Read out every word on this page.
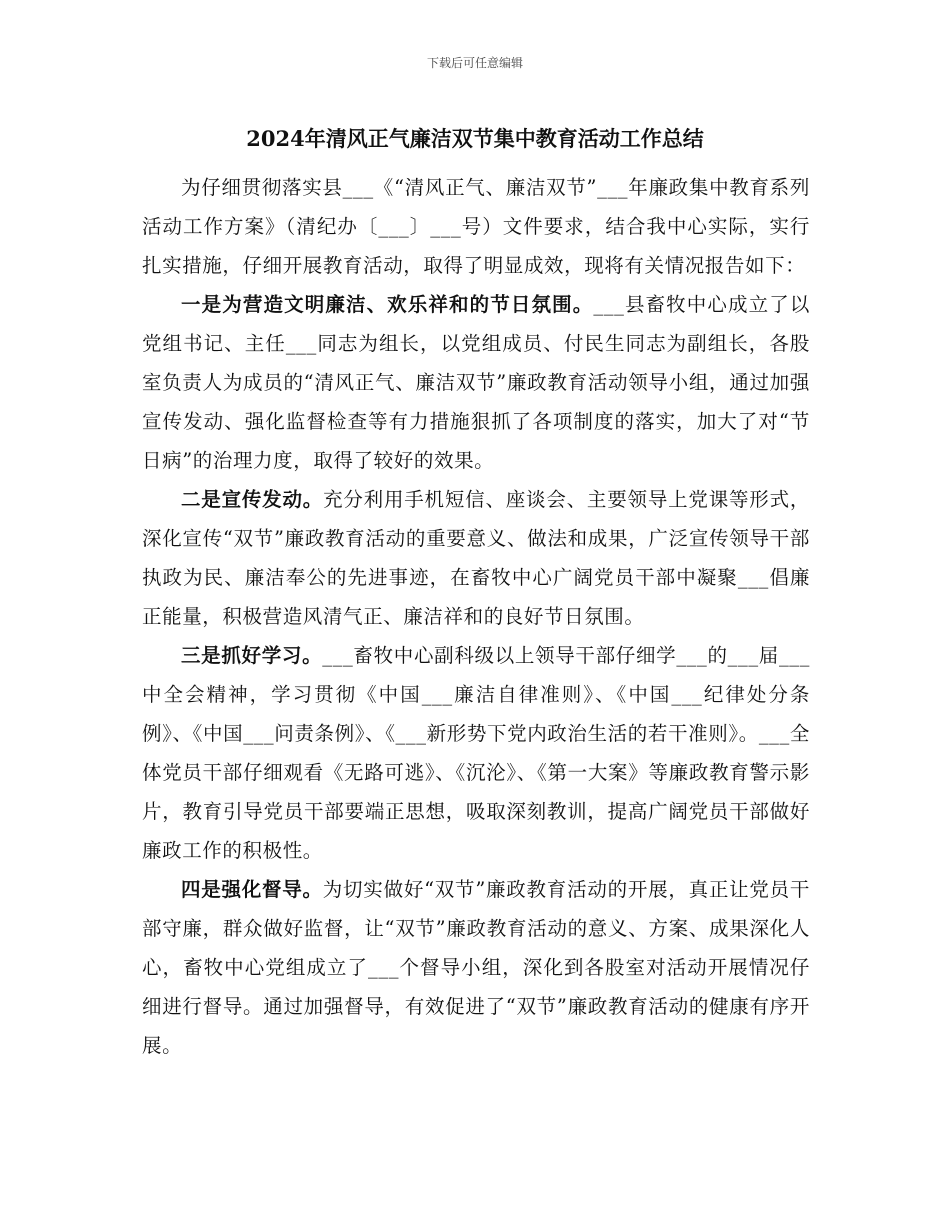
下载后可任意编辑
2024年清风正气廉洁双节集中教育活动工作总结

为仔细贯彻落实县___《“清风正气、廉洁双节”___年廉政集中教育系列活动工作方案》（清纪办〔___〕___号）文件要求，结合我中心实际，实行扎实措施，仔细开展教育活动，取得了明显成效，现将有关情况报告如下：

一是为营造文明廉洁、欢乐祥和的节日氛围。___县畜牧中心成立了以党组书记、主任___同志为组长，以党组成员、付民生同志为副组长，各股室负责人为成员的“清风正气、廉洁双节”廉政教育活动领导小组，通过加强宣传发动、强化监督检查等有力措施狠抓了各项制度的落实，加大了对“节日病”的治理力度，取得了较好的效果。

二是宣传发动。充分利用手机短信、座谈会、主要领导上党课等形式，深化宣传“双节”廉政教育活动的重要意义、做法和成果，广泛宣传领导干部执政为民、廉洁奉公的先进事迹，在畜牧中心广阔党员干部中凝聚___倡廉正能量，积极营造风清气正、廉洁祥和的良好节日氛围。

三是抓好学习。___畜牧中心副科级以上领导干部仔细学___的___届___中全会精神，学习贯彻《中国___廉洁自律准则》、《中国___纪律处分条例》、《中国___问责条例》、《___新形势下党内政治生活的若干准则》。___全体党员干部仔细观看《无路可逃》、《沉沦》、《第一大案》等廉政教育警示影片，教育引导党员干部要端正思想，吸取深刻教训，提高广阔党员干部做好廉政工作的积极性。

四是强化督导。为切实做好“双节”廉政教育活动的开展，真正让党员干部守廉，群众做好监督，让“双节”廉政教育活动的意义、方案、成果深化人心，畜牧中心党组成立了___个督导小组，深化到各股室对活动开展情况仔细进行督导。通过加强督导，有效促进了“双节”廉政教育活动的健康有序开展。
